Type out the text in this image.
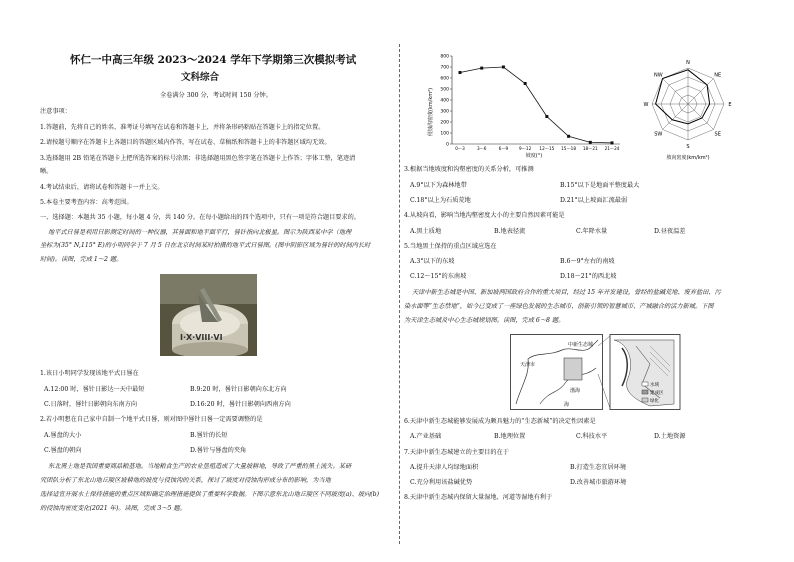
怀仁一中高三年级 2023～2024 学年下学期第三次模拟考试
文科综合
全卷满分 300 分，考试时间 150 分钟。
注意事项：
1.答题前，先将自己的姓名、准考证号填写在试卷和答题卡上，并将条形码粘贴在答题卡上的指定位置。
2.请按题号顺序在答题卡上各题目的答题区域内作答，写在试卷、草稿纸和答题卡上的非答题区域均无效。
3.选择题用 2B 铅笔在答题卡上把所选答案的标号涂黑；非选择题用黑色签字笔在答题卡上作答；字体工整，笔迹清
晰。
4.考试结束后，请将试卷和答题卡一并上交。
5.本卷主要考查内容：高考范围。
一、选择题：本题共 35 小题，每小题 4 分，共 140 分。在每小题给出的四个选项中，只有一项是符合题目要求的。
地平式日晷是利用日影测定时间的一种仪器，其晷面和地平面平行，晷针指向北极星。图示为陕西某中学（地理
坐标为(35° N,115° E)的小明同学于 7 月 5 日在北京时间某时拍摄的地平式日晷图。(图中阴影区域为晷针的时间内长时
时间)。读图，完成 1～2 题。
I·X·VIII·VI
1.该日小明同学发现该地平式日晷在
A.12:00 时，晷针日影达一天中最短	B.9:20 时，晷针日影朝向东北方向
C.日落时，晷针日影朝向东南方向	D.16:20 时，晷针日影朝向西南方向
2.若小明想在自己家中自制一个地平式日晷，则对图中晷针日晷一定需要调整的是
A.晷盘的大小	B.晷针的长短
C.晷盘的朝向	D.晷针与晷盘的夹角
东北黑土地是我国重要商品粮基地。当地粮食生产的农业垦殖造成了大量坡耕地，导致了严重的黑土流失。某研
究团队分析了东北山地丘陵区坡耕地的坡度与侵蚀沟的关系，探讨了坡度对侵蚀沟形成分布的影响，为当地
选择适宜开展水土保持措施的重点区域和确定治理措施提供了重要科学数据。下图示意东北山地丘陵区不同坡度(a)、坡向(b)
的侵蚀沟密度变化(2021 年)。读图，完成 3～5 题。
侵蚀沟密度(km/km²)
坡度(°)
0
100
200
300
400
500
600
700
800
0～3	3～6	6～9	9～12 12～15 15～18 18～21 21～24
坡向密度(km/km²)
N
NE
E
SE
S
SW
W
NW
3.根据当地坡度和沟壑密度的关系分析，可推测
A.9°以下为森林地带	B.15°以下是地面平整度最大
C.18°以上为石质荒地	D.21°以上坡面汇流最弱
4.从坡向看，影响当地沟壑密度大小的主要自然因素可能是
A.黑土质地	B.地表径流	C.年降水量	D.昼夜温差
5.当地黑土保持的重点区域应选在
A.3°以下的东坡	B.6～9°左右的南坡
C.12～15°的东南坡	D.18～21°的西北坡
天津中新生态城是中国、新加坡两国政府合作的重大项目，经过 15 年开发建设，曾经的盐碱荒地、废弃盐田、污
染水面等“生态禁地”，如今已变成了一座绿色发展的生态城市、创新引领的智慧城市、产城融合的活力新城。下图
为天津生态城及中心生态城规划图。读图，完成 6～8 题。
中新生态城
天津市
渤海
海
水域
建成区
绿化
6.天津中新生态城能够发展成为颇具魅力的“生态新城”的决定性因素是
A.产业基础	B.地理位置	C.科技水平	D.土地资源
7.天津中新生态城建立的主要目的在于
A.提升天津人均绿地面积	B.打造生态宜居环境
C.充分利用该盐碱优势	D.改善城市旅游环境
8.天津中新生态城内保留大量湿地、河道等湿地有利于
